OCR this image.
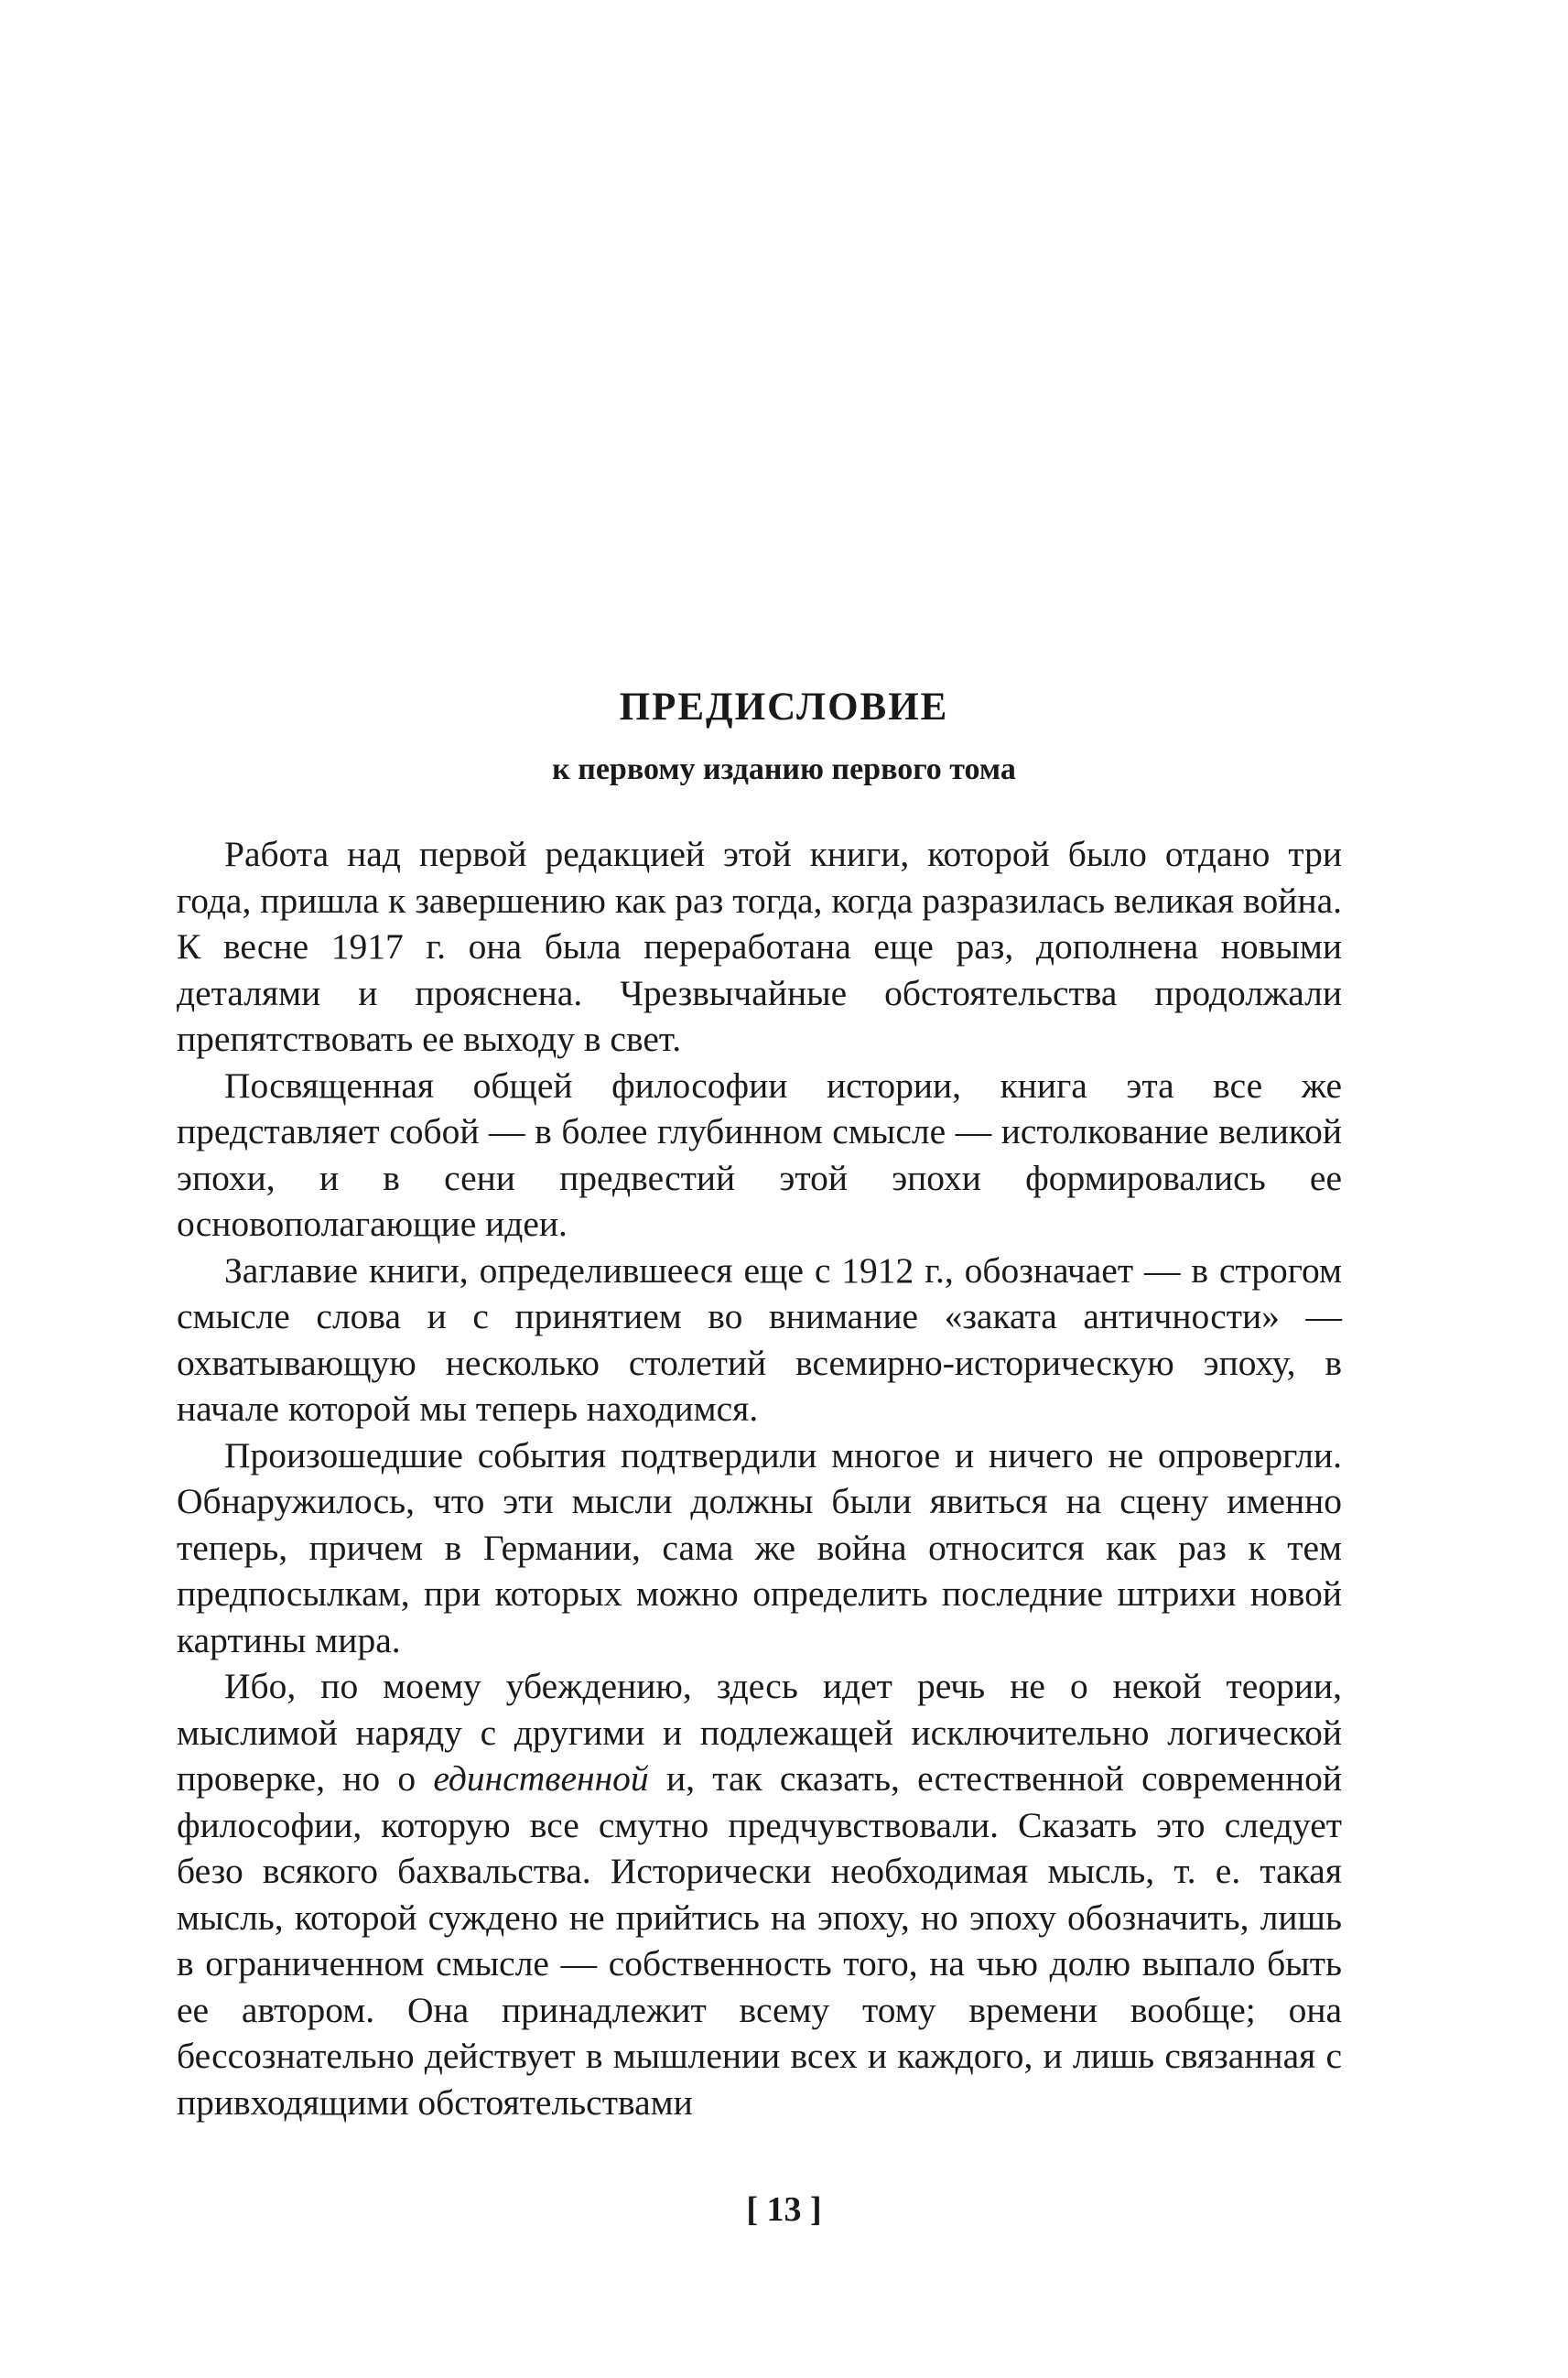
ПРЕДИСЛОВИЕ
к первому изданию первого тома

Работа над первой редакцией этой книги, которой было отдано три года, пришла к завершению как раз тогда, когда разразилась великая война. К весне 1917 г. она была переработана еще раз, дополнена новыми деталями и прояснена. Чрезвычайные обстоятельства продолжали препятствовать ее выходу в свет.

Посвященная общей философии истории, книга эта все же представляет собой — в более глубинном смысле — истолкование великой эпохи, и в сени предвестий этой эпохи формировались ее основополагающие идеи.

Заглавие книги, определившееся еще с 1912 г., обозначает — в строгом смысле слова и с принятием во внимание «заката античности» — охватывающую несколько столетий всемирно-историческую эпоху, в начале которой мы теперь находимся.

Произошедшие события подтвердили многое и ничего не опровергли. Обнаружилось, что эти мысли должны были явиться на сцену именно теперь, причем в Германии, сама же война относится как раз к тем предпосылкам, при которых можно определить последние штрихи новой картины мира.

Ибо, по моему убеждению, здесь идет речь не о некой теории, мыслимой наряду с другими и подлежащей исключительно логической проверке, но о единственной и, так сказать, естественной современной философии, которую все смутно предчувствовали. Сказать это следует безо всякого бахвальства. Исторически необходимая мысль, т. е. такая мысль, которой суждено не прийтись на эпоху, но эпоху обозначить, лишь в ограниченном смысле — собственность того, на чью долю выпало быть ее автором. Она принадлежит всему тому времени вообще; она бессознательно действует в мышлении всех и каждого, и лишь связанная с привходящими обстоятельствами

[ 13 ]
